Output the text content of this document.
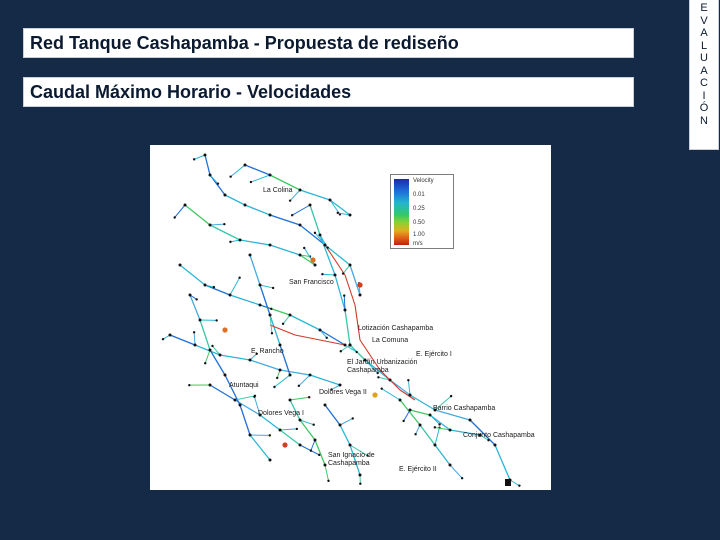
Red Tanque Cashapamba - Propuesta de rediseño
Caudal Máximo Horario - Velocidades
E
V
A
L
U
A
C
I
Ó
N
Velocity
0.01
0.25
0.50
1.00
m/s
La Colina
San Francisco
Lotización Cashapamba
La Comuna
E. Rancho	E. Ejército I
El Jardín Urbanización Cashapamba
Atuntaqui
Dolores Vega II
Barrio Cashapamba
Dolores Vega I
Conjunto Cashapamba
San Ignacio de Cashapamba
E. Ejército II
